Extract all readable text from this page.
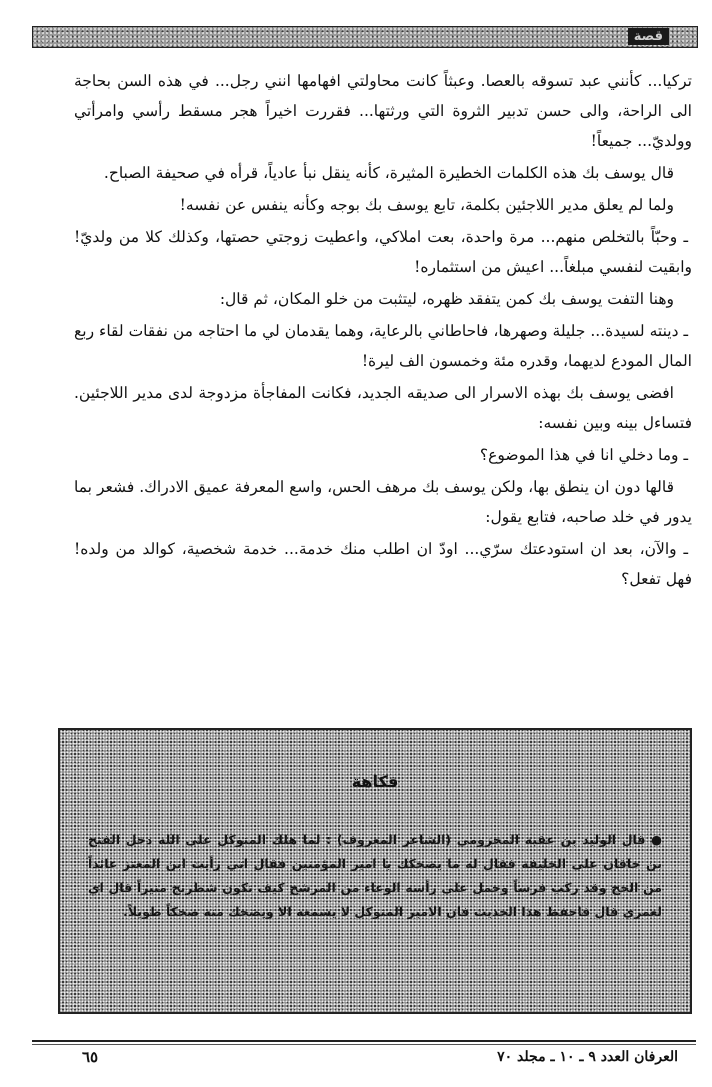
قصة

تركيا... كأنني عبد تسوقه بالعصا. وعبثاً كانت محاولتي افهامها انني رجل... في هذه السن بحاجة الى الراحة، والى حسن تدبير الثروة التي ورثتها... فقررت اخيراً هجر مسقط رأسي وامرأتي وولديّ... جميعاً!

قال يوسف بك هذه الكلمات الخطيرة المثيرة، كأنه ينقل نبأ عادياً، قرأه في صحيفة الصباح.

ولما لم يعلق مدير اللاجئين بكلمة، تابع يوسف بك بوجه وكأنه ينفس عن نفسه!

ـ وحبّاً بالتخلص منهم... مرة واحدة، بعت املاكي، واعطيت زوجتي حصتها، وكذلك كلا من ولديّ! وابقيت لنفسي مبلغاً... اعيش من استثماره!

وهنا التفت يوسف بك كمن يتفقد ظهره، ليتثبت من خلو المكان، ثم قال:

ـ دينته لسيدة... جليلة وصهرها، فاحاطاني بالرعاية، وهما يقدمان لي ما احتاجه من نفقات لقاء ربع المال المودع لديهما، وقدره مئة وخمسون الف ليرة!

افضى يوسف بك بهذه الاسرار الى صديقه الجديد، فكانت المفاجأة مزدوجة لدى مدير اللاجئين. فتساءل بينه وبين نفسه:

ـ وما دخلي انا في هذا الموضوع؟

قالها دون ان ينطق بها، ولكن يوسف بك مرهف الحس، واسع المعرفة عميق الادراك. فشعر بما يدور في خلد صاحبه، فتابع يقول:

ـ والآن، بعد ان استودعتك سرّي... اودّ ان اطلب منك خدمة... خدمة شخصية، كوالد من ولده! فهل تفعل؟

فكاهة
● قال الوليد بن عقبة المخزومي (الشاعر المعروف) : لما هلك المتوكل على الله دخل الفتح بن خاقان على الخليفة فقال له ما يضحكك يا امير المؤمنين فقال اني رأيت ابن المعتز عائداً من الحج وقد ركب فرساً وحمل على رأسه الوعاء من المرشح كيف تكون شطرنج منيراً قال اي لعمري قال فاحفظ هذا الحديث فان الامير المتوكل لا يسمعه الا ويضحك منه ضحكاً طويلاً.
العرفان العدد ٩ ـ ١٠ ـ مجلد ٧٠
٦٥
